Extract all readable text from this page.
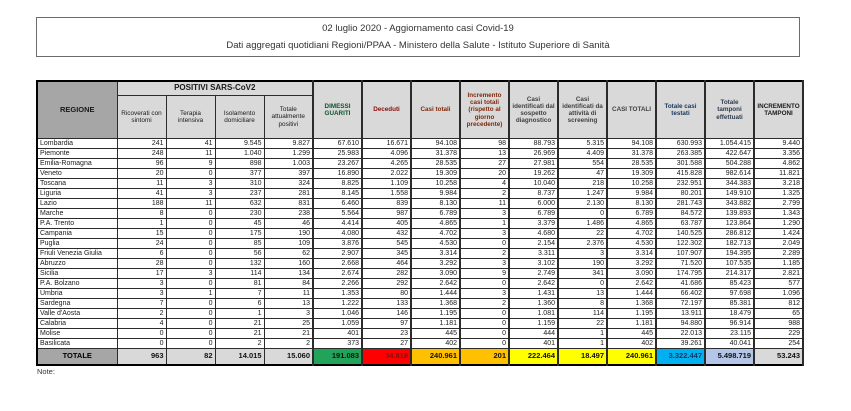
02 luglio 2020 - Aggiornamento casi Covid-19
Dati aggregati quotidiani Regioni/PPAA - Ministero della Salute - Istituto Superiore di Sanità
REGIONE	POSITIVI SARS-CoV2				DIMESSI GUARITI	Deceduti	Casi totali	Incremento casi totali (rispetto al giorno precedente)	Casi identificati dal sospetto diagnostico	Casi identificati da attività di screening	CASI TOTALI	Totale casi testati	Totale tamponi effettuati	INCREMENTO TAMPONI
	Ricoverati con sintomi	Terapia intensiva	Isolamento domiciliare	Totale attualmente positivi										
Lombardia	241	41	9.545	9.827	67.610	16.671	94.108	98	88.793	5.315	94.108	630.993	1.054.415	9.440
Piemonte	248	11	1.040	1.299	25.983	4.096	31.378	13	26.969	4.409	31.378	263.385	422.647	3.356
Emilia-Romagna	96	9	898	1.003	23.267	4.265	28.535	27	27.981	554	28.535	301.588	504.288	4.862
Veneto	20	0	377	397	16.890	2.022	19.309	20	19.262	47	19.309	415.828	982.614	11.821
Toscana	11	3	310	324	8.825	1.109	10.258	4	10.040	218	10.258	232.951	344.383	3.218
Liguria	41	3	237	281	8.145	1.558	9.984	2	8.737	1.247	9.984	80.201	149.910	1.325
Lazio	188	11	632	831	6.460	839	8.130	11	6.000	2.130	8.130	281.743	343.882	2.799
Marche	8	0	230	238	5.564	987	6.789	3	6.789	0	6.789	84.572	139.893	1.343
P.A. Trento	1	0	45	46	4.414	405	4.865	1	3.379	1.486	4.865	63.787	123.864	1.290
Campania	15	0	175	190	4.080	432	4.702	3	4.680	22	4.702	140.525	286.812	1.424
Puglia	24	0	85	109	3.876	545	4.530	0	2.154	2.376	4.530	122.302	182.713	2.049
Friuli Venezia Giulia	6	0	56	62	2.907	345	3.314	2	3.311	3	3.314	107.907	194.395	2.289
Abruzzo	28	0	132	160	2.668	464	3.292	3	3.102	190	3.292	71.520	107.535	1.185
Sicilia	17	3	114	134	2.674	282	3.090	9	2.749	341	3.090	174.795	214.317	2.821
P.A. Bolzano	3	0	81	84	2.266	292	2.642	0	2.642	0	2.642	41.686	85.423	577
Umbria	3	1	7	11	1.353	80	1.444	3	1.431	13	1.444	66.402	97.698	1.096
Sardegna	7	0	6	13	1.222	133	1.368	2	1.360	8	1.368	72.197	85.381	812
Valle d'Aosta	2	0	1	3	1.046	146	1.195	0	1.081	114	1.195	13.911	18.479	65
Calabria	4	0	21	25	1.059	97	1.181	0	1.159	22	1.181	94.880	96.914	988
Molise	0	0	21	21	401	23	445	0	444	1	445	22.013	23.115	229
Basilicata	0	0	2	2	373	27	402	0	401	1	402	39.261	40.041	254
TOTALE	963	82	14.015	15.060	191.083	34.818	240.961	201	222.464	18.497	240.961	3.322.447	5.498.719	53.243
Note:
